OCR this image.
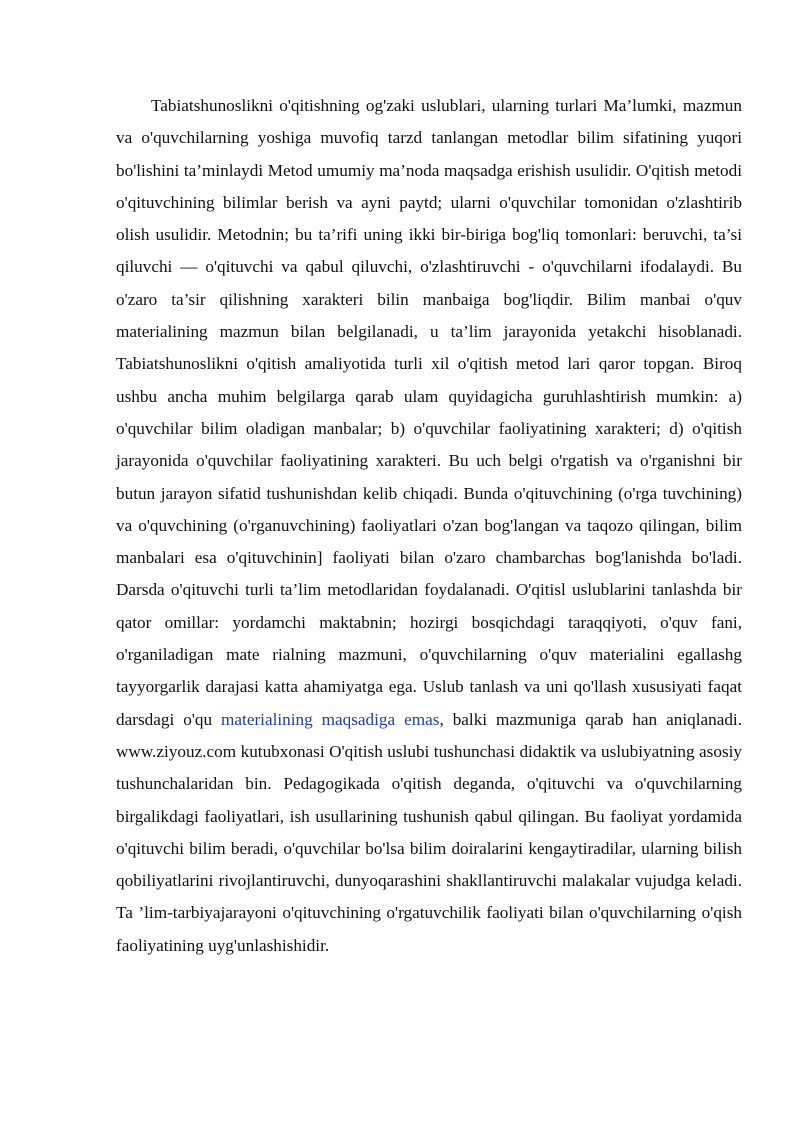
Tabiatshunoslikni o'qitishning og'zaki uslublari, ularning turlari Ma’lumki, mazmun va o'quvchilarning yoshiga muvofiq tarzd tanlangan metodlar bilim sifatining yuqori bo'lishini ta’minlaydi Metod umumiy ma’noda maqsadga erishish usulidir. O'qitish metodi o'qituvchining bilimlar berish va ayni paytd; ularni o'quvchilar tomonidan o'zlashtirib olish usulidir. Metodnin; bu ta’rifi uning ikki bir-biriga bog'liq tomonlari: beruvchi, ta’si qiluvchi — o'qituvchi va qabul qiluvchi, o'zlashtiruvchi - o'quvchilarni ifodalaydi. Bu o'zaro ta’sir qilishning xarakteri bilin manbaiga bog'liqdir. Bilim manbai o'quv materialining mazmun bilan belgilanadi, u ta’lim jarayonida yetakchi hisoblanadi. Tabiatshunoslikni o'qitish amaliyotida turli xil o'qitish metod lari qaror topgan. Biroq ushbu ancha muhim belgilarga qarab ulam quyidagicha guruhlashtirish mumkin: a) o'quvchilar bilim oladigan manbalar; b) o'quvchilar faoliyatining xarakteri; d) o'qitish jarayonida o'quvchilar faoliyatining xarakteri. Bu uch belgi o'rgatish va o'rganishni bir butun jarayon sifatid tushunishdan kelib chiqadi. Bunda o'qituvchining (o'rga tuvchining) va o'quvchining (o'rganuvchining) faoliyatlari o'zan bog'langan va taqozo qilingan, bilim manbalari esa o'qituvchinin] faoliyati bilan o'zaro chambarchas bog'lanishda bo'ladi. Darsda o'qituvchi turli ta’lim metodlaridan foydalanadi. O'qitisl uslublarini tanlashda bir qator omillar: yordamchi maktabnin; hozirgi bosqichdagi taraqqiyoti, o'quv fani, o'rganiladigan mate rialning mazmuni, o'quvchilarning o'quv materialini egallashg tayyorgarlik darajasi katta ahamiyatga ega. Uslub tanlash va uni qo'llash xususiyati faqat darsdagi o'qu materialining maqsadiga emas, balki mazmuniga qarab han aniqlanadi. www.ziyouz.com kutubxonasi O'qitish uslubi tushunchasi didaktik va uslubiyatning asosiy tushunchalaridan bin. Pedagogikada o'qitish deganda, o'qituvchi va o'quvchilarning birgalikdagi faoliyatlari, ish usullarining tushunish qabul qilingan. Bu faoliyat yordamida o'qituvchi bilim beradi, o'quvchilar bo'lsa bilim doiralarini kengaytiradilar, ularning bilish qobiliyatlarini rivojlantiruvchi, dunyoqarashini shakllantiruvchi malakalar vujudga keladi. Ta ’lim-tarbiyajarayoni o'qituvchining o'rgatuvchilik faoliyati bilan o'quvchilarning o'qish faoliyatining uyg'unlashishidir.
